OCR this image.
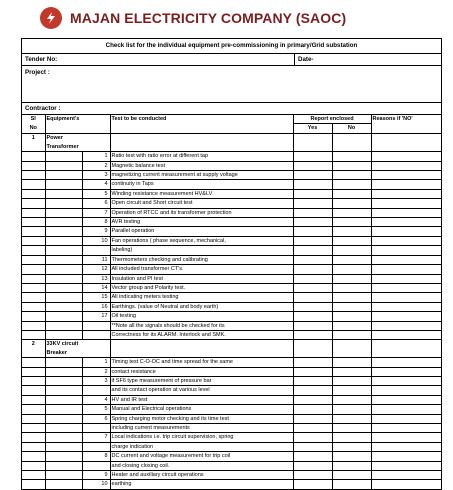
MAJAN ELECTRICITY COMPANY (SAOC)
Check list for the individual equipment pre-commissioning in primary/Grid substation
Tender No:	Date-
Project :
Contractor :
Sl	Equipment's		Test to be conducted	Report enclosed		Reasons if 'NO'
No				Yes	No	
1	Power					
	Transformer					
		1	Ratio test with ratio error at different tap			
		2	Magnetic balance test			
		3	magnetizing current measurement at supply voltage			
		4	continuity in Taps			
		5	Winding resistance measurement HV&LV			
		6	Open circuit and Short circuit test			
		7	Operation of RTCC and its transformer protection			
		8	AVR testing			
		9	Parallel operation			
		10	Fan operations ( phase sequence, mechanical,			
			labeling)			
		11	Thermometers checking and calibrating			
		12	All included transformer CT's.			
		13	Insulation and PI test			
		14	Vector group and Polarity test.			
		15	All indicating meters testing			
		16	Earthings. (value of Neutral and body earth)			
		17	Oil testing			
			**Note all the signals should be checked for its			
			Correctness for its ALARM. Interlock and SMK.			
2	33KV circuit					
	Breaker					
		1	Timing test C-O-OC and time spread for the same			
		2	contact resistance			
		3	if SF6 type measurement of pressure bar			
			and its contact operation at various level			
		4	HV and IR test			
		5	Manual and Electrical operations			
		6	Spring charging motor checking and its time test			
			including current measurements			
		7	Local indications i.e. trip circuit supervision, spring			
			charge indication			
		8	DC current and voltage measurement for trip coil			
			and closing closing coil.			
		9	Heater and auxiliary circuit operations			
		10	earthing			
